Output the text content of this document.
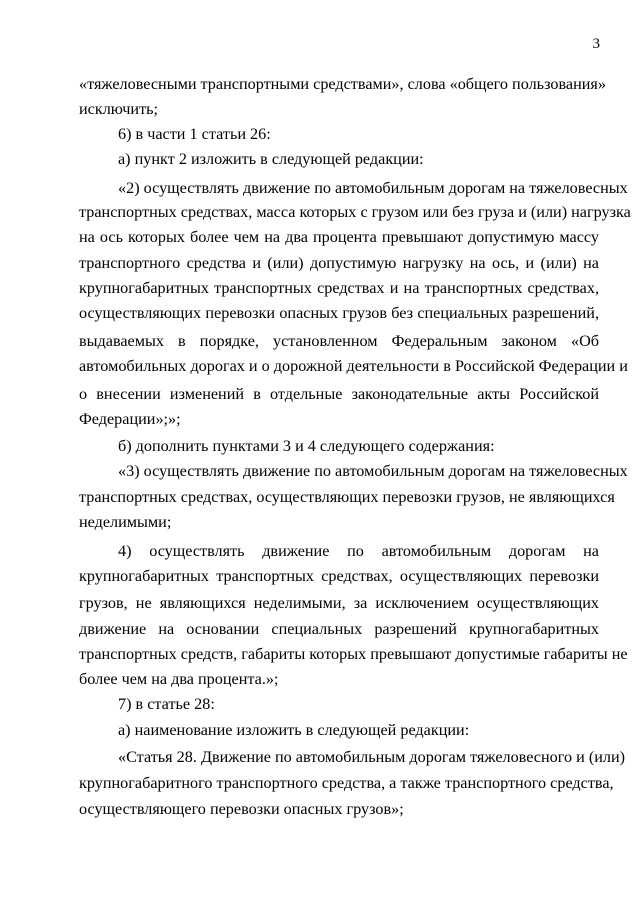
3
«тяжеловесными транспортными средствами», слова «общего пользования»
исключить;
6) в части 1 статьи 26:
а) пункт 2 изложить в следующей редакции:
«2) осуществлять движение по автомобильным дорогам на тяжеловесных
транспортных средствах, масса которых с грузом или без груза и (или) нагрузка
на ось которых более чем на два процента превышают допустимую массу
транспортного средства и (или) допустимую нагрузку на ось, и (или) на
крупногабаритных транспортных средствах и на транспортных средствах,
осуществляющих перевозки опасных грузов без специальных разрешений,
выдаваемых в порядке, установленном Федеральным законом «Об
автомобильных дорогах и о дорожной деятельности в Российской Федерации и
о внесении изменений в отдельные законодательные акты Российской
Федерации»;»;
б) дополнить пунктами 3 и 4 следующего содержания:
«3) осуществлять движение по автомобильным дорогам на тяжеловесных
транспортных средствах, осуществляющих перевозки грузов, не являющихся
неделимыми;
4) осуществлять движение по автомобильным дорогам на
крупногабаритных транспортных средствах, осуществляющих перевозки
грузов, не являющихся неделимыми, за исключением осуществляющих
движение на основании специальных разрешений крупногабаритных
транспортных средств, габариты которых превышают допустимые габариты не
более чем на два процента.»;
7) в статье 28:
а) наименование изложить в следующей редакции:
«Статья 28. Движение по автомобильным дорогам тяжеловесного и (или)
крупногабаритного транспортного средства, а также транспортного средства,
осуществляющего перевозки опасных грузов»;
